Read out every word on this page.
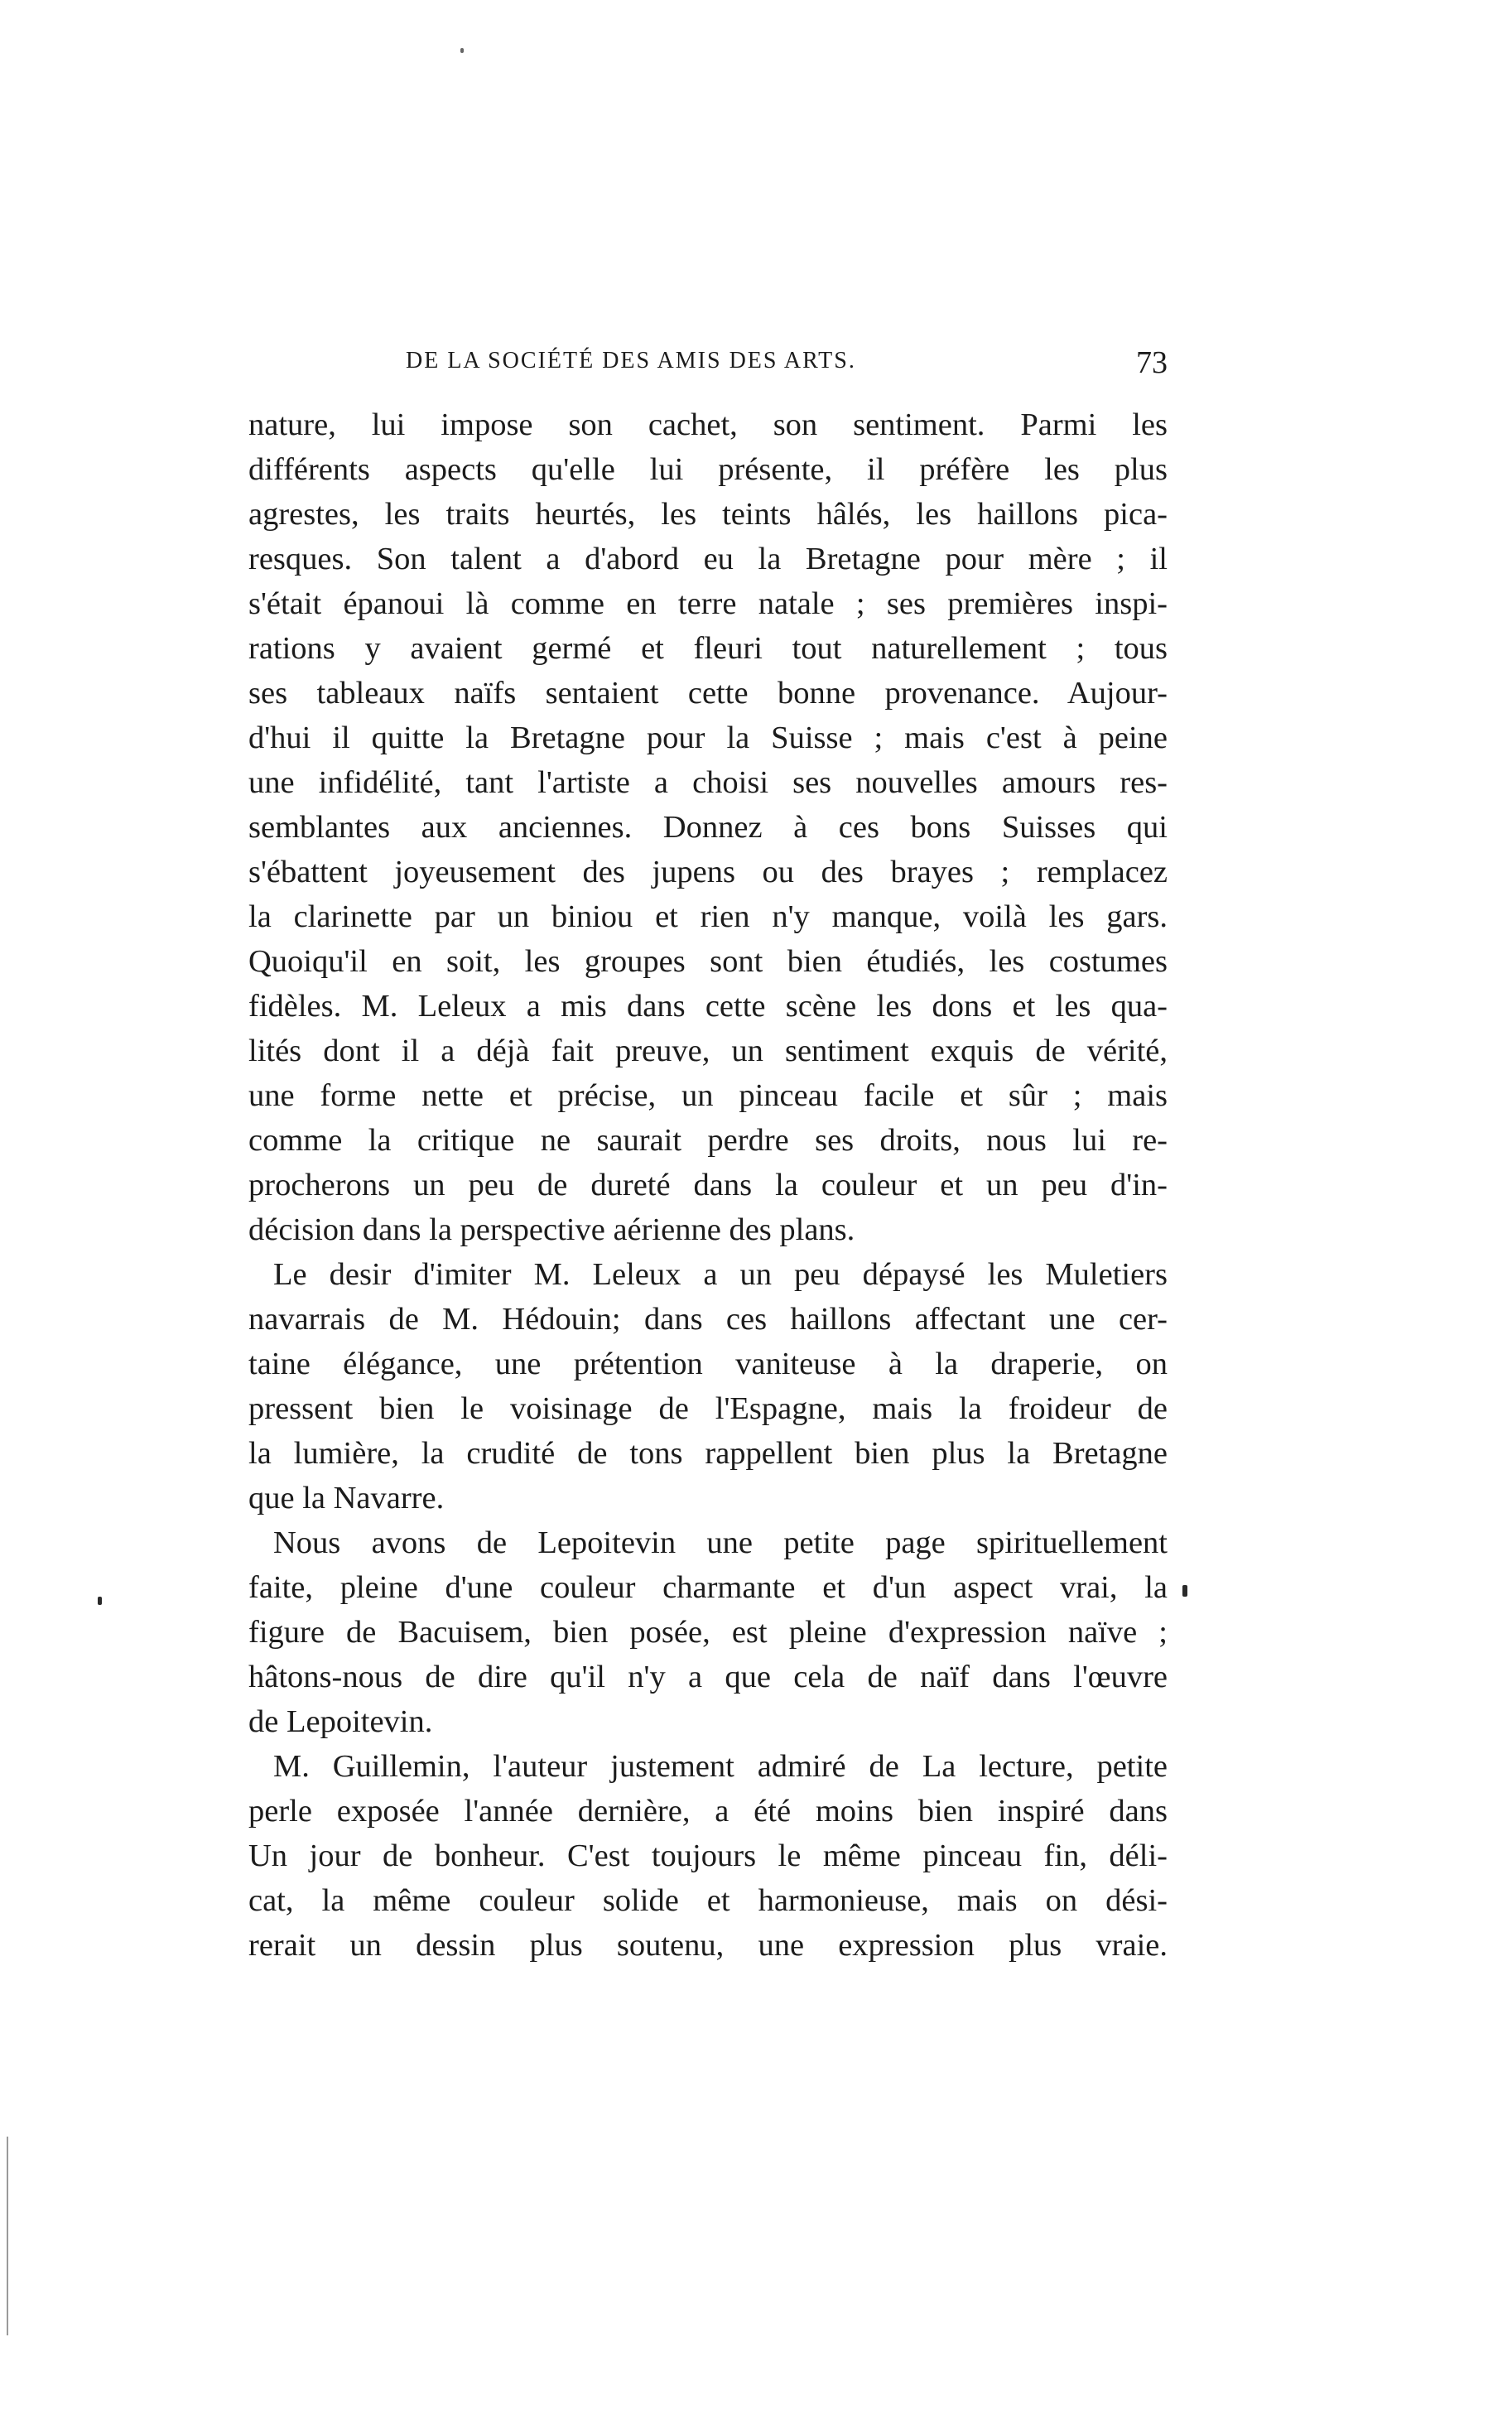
DE LA SOCIÉTÉ DES AMIS DES ARTS.	73
nature, lui impose son cachet, son sentiment. Parmi les
différents aspects qu'elle lui présente, il préfère les plus
agrestes, les traits heurtés, les teints hâlés, les haillons pica-
resques. Son talent a d'abord eu la Bretagne pour mère ; il
s'était épanoui là comme en terre natale ; ses premières inspi-
rations y avaient germé et fleuri tout naturellement ; tous
ses tableaux naïfs sentaient cette bonne provenance. Aujour-
d'hui il quitte la Bretagne pour la Suisse ; mais c'est à peine
une infidélité, tant l'artiste a choisi ses nouvelles amours res-
semblantes aux anciennes. Donnez à ces bons Suisses qui
s'ébattent joyeusement des jupens ou des brayes ; remplacez
la clarinette par un biniou et rien n'y manque, voilà les gars.
Quoiqu'il en soit, les groupes sont bien étudiés, les costumes
fidèles. M. Leleux a mis dans cette scène les dons et les qua-
lités dont il a déjà fait preuve, un sentiment exquis de vérité,
une forme nette et précise, un pinceau facile et sûr ; mais
comme la critique ne saurait perdre ses droits, nous lui re-
procherons un peu de dureté dans la couleur et un peu d'in-
décision dans la perspective aérienne des plans.
Le desir d'imiter M. Leleux a un peu dépaysé les Muletiers
navarrais de M. Hédouin; dans ces haillons affectant une cer-
taine élégance, une prétention vaniteuse à la draperie, on
pressent bien le voisinage de l'Espagne, mais la froideur de
la lumière, la crudité de tons rappellent bien plus la Bretagne
que la Navarre.
Nous avons de Lepoitevin une petite page spirituellement
faite, pleine d'une couleur charmante et d'un aspect vrai, la
figure de Bacuisem, bien posée, est pleine d'expression naïve ;
hâtons-nous de dire qu'il n'y a que cela de naïf dans l'œuvre
de Lepoitevin.
M. Guillemin, l'auteur justement admiré de La lecture, petite
perle exposée l'année dernière, a été moins bien inspiré dans
Un jour de bonheur. C'est toujours le même pinceau fin, déli-
cat, la même couleur solide et harmonieuse, mais on dési-
rerait un dessin plus soutenu, une expression plus vraie.
